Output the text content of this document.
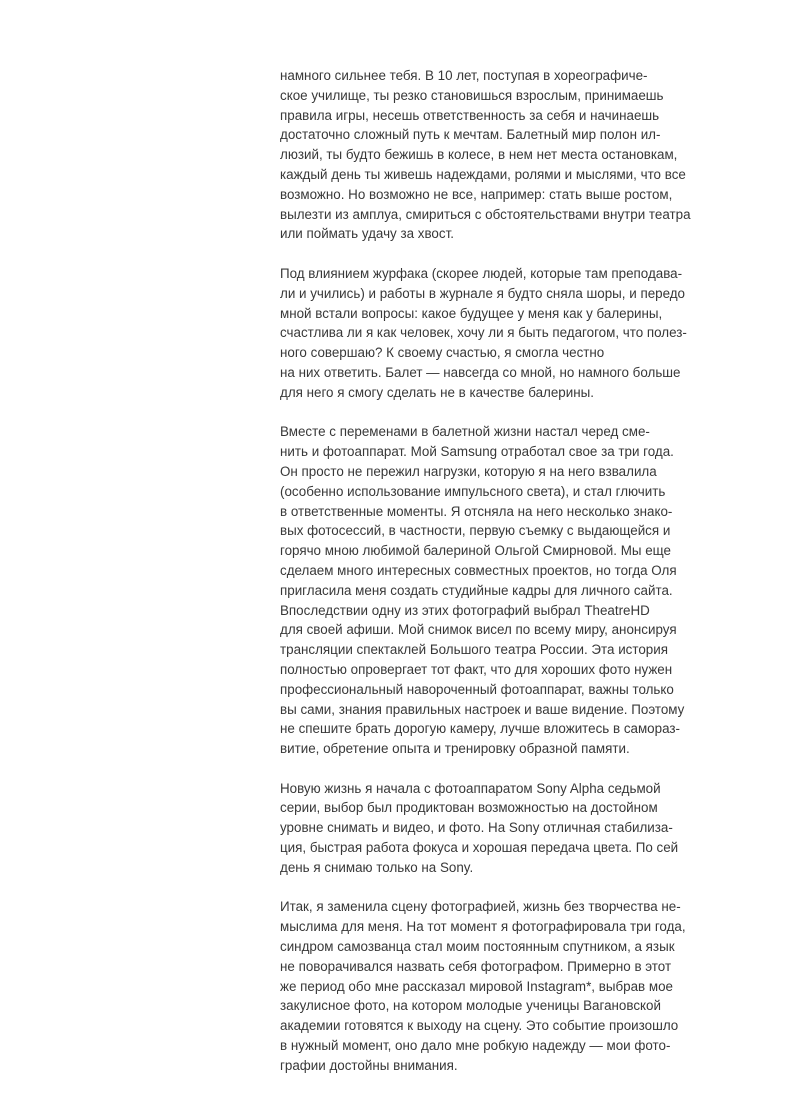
намного сильнее тебя. В 10 лет, поступая в хореографиче-
ское училище, ты резко становишься взрослым, принимаешь
правила игры, несешь ответственность за себя и начинаешь
достаточно сложный путь к мечтам. Балетный мир полон ил-
люзий, ты будто бежишь в колесе, в нем нет места остановкам,
каждый день ты живешь надеждами, ролями и мыслями, что все
возможно. Но возможно не все, например: стать выше ростом,
вылезти из амплуа, смириться с обстоятельствами внутри театра
или поймать удачу за хвост.
Под влиянием журфака (скорее людей, которые там преподава-
ли и учились) и работы в журнале я будто сняла шоры, и передо
мной встали вопросы: какое будущее у меня как у балерины,
счастлива ли я как человек, хочу ли я быть педагогом, что полез-
ного совершаю? К своему счастью, я смогла честно
на них ответить. Балет — навсегда со мной, но намного больше
для него я смогу сделать не в качестве балерины.
Вместе с переменами в балетной жизни настал черед сме-
нить и фотоаппарат. Мой Samsung отработал свое за три года.
Он просто не пережил нагрузки, которую я на него взвалила
(особенно использование импульсного света), и стал глючить
в ответственные моменты. Я отсняла на него несколько знако-
вых фотосессий, в частности, первую съемку с выдающейся и
горячо мною любимой балериной Ольгой Смирновой. Мы еще
сделаем много интересных совместных проектов, но тогда Оля
пригласила меня создать студийные кадры для личного сайта.
Впоследствии одну из этих фотографий выбрал TheatreHD
для своей афиши. Мой снимок висел по всему миру, анонсируя
трансляции спектаклей Большого театра России. Эта история
полностью опровергает тот факт, что для хороших фото нужен
профессиональный навороченный фотоаппарат, важны только
вы сами, знания правильных настроек и ваше видение. Поэтому
не спешите брать дорогую камеру, лучше вложитесь в самораз-
витие, обретение опыта и тренировку образной памяти.
Новую жизнь я начала с фотоаппаратом Sony Alpha седьмой
серии, выбор был продиктован возможностью на достойном
уровне снимать и видео, и фото. На Sony отличная стабилиза-
ция, быстрая работа фокуса и хорошая передача цвета. По сей
день я снимаю только на Sony.
Итак, я заменила сцену фотографией, жизнь без творчества не-
мыслима для меня. На тот момент я фотографировала три года,
синдром самозванца стал моим постоянным спутником, а язык
не поворачивался назвать себя фотографом. Примерно в этот
же период обо мне рассказал мировой Instagram*, выбрав мое
закулисное фото, на котором молодые ученицы Вагановской
академии готовятся к выходу на сцену. Это событие произошло
в нужный момент, оно дало мне робкую надежду — мои фото-
графии достойны внимания.
